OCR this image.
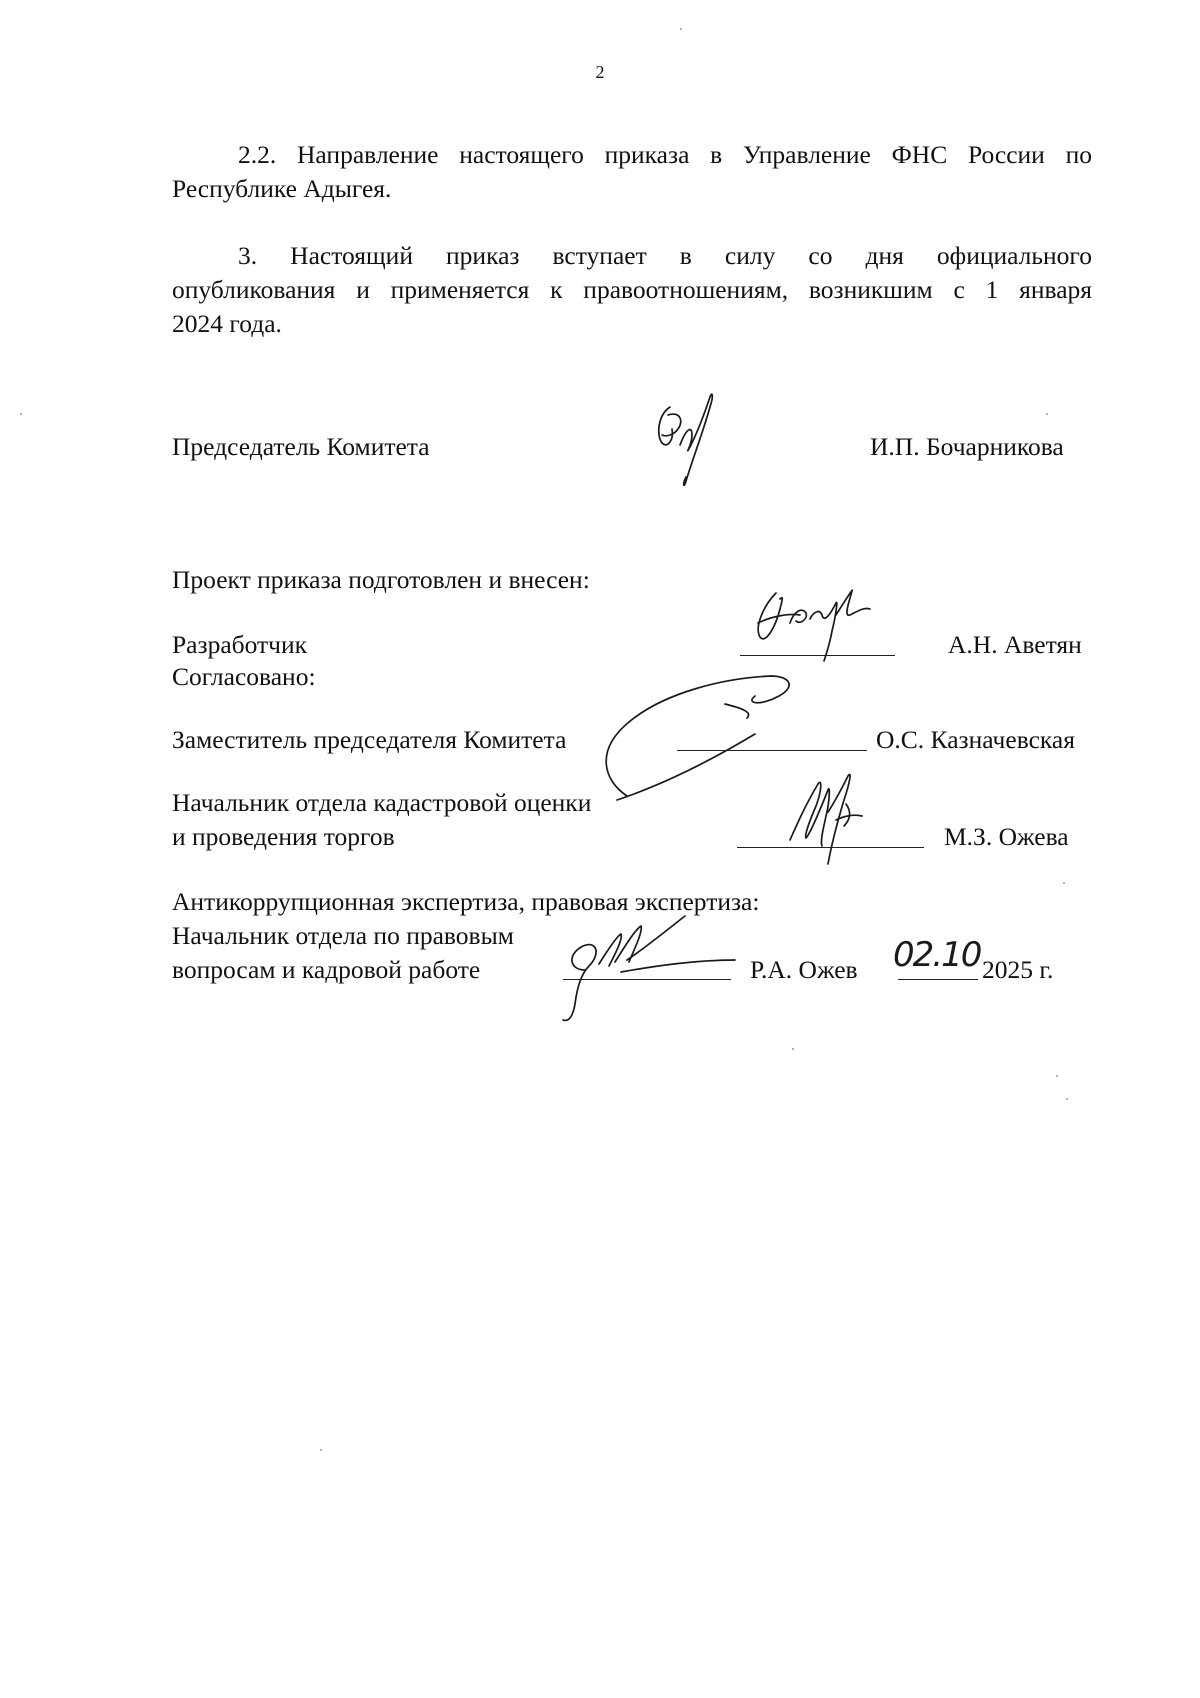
2
2.2. Направление настоящего приказа в Управление ФНС России по
Республике Адыгея.
3. Настоящий приказ вступает в силу со дня официального
опубликования и применяется к правоотношениям, возникшим с 1 января
2024 года.
Председатель Комитета	И.П. Бочарникова
Проект приказа подготовлен и внесен:
Разработчик	А.Н. Аветян
Согласовано:
Заместитель председателя Комитета	О.С. Казначевская
Начальник отдела кадастровой оценки
и проведения торгов	М.З. Ожева
Антикоррупционная экспертиза, правовая экспертиза:
Начальник отдела по правовым
вопросам и кадровой работе	Р.А. Ожев 02.10 2025 г.
